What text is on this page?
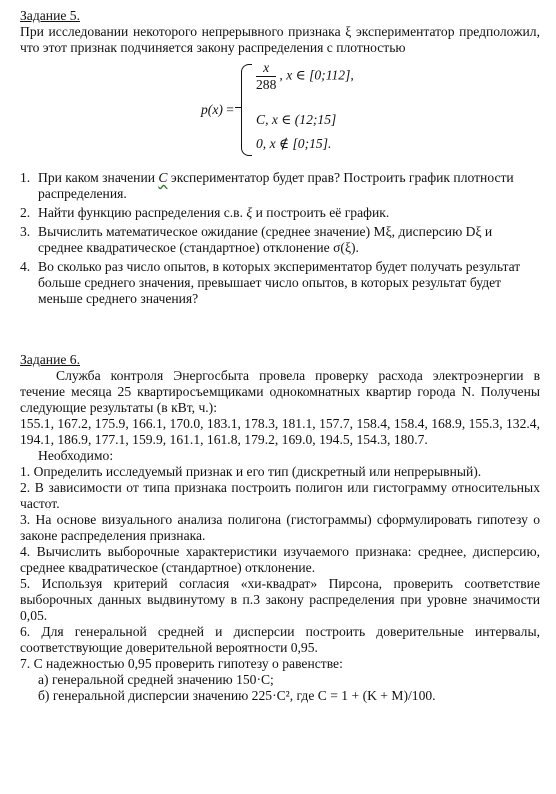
Задание 5.

При исследовании некоторого непрерывного признака ξ экспериментатор предположил, что этот признак подчиняется закону распределения с плотностью

p(x) =
$\frac{x}{288}$ , x ∈ [0;112],
C, x ∈ (12;15]
0, x ∉ [0;15].
1. При каком значении C экспериментатор будет прав? Построить график плотности распределения.
2. Найти функцию распределения с.в. ξ и построить её график.
3. Вычислить математическое ожидание (среднее значение) Mξ, дисперсию Dξ и среднее квадратическое (стандартное) отклонение σ(ξ).
4. Во сколько раз число опытов, в которых экспериментатор будет получать результат больше среднего значения, превышает число опытов, в которых результат будет меньше среднего значения?

Задание 6.

Служба контроля Энергосбыта провела проверку расхода электроэнергии в течение месяца 25 квартиросъемщиками однокомнатных квартир города N. Получены следующие результаты (в кВт, ч.):

155.1, 167.2, 175.9, 166.1, 170.0, 183.1, 178.3, 181.1, 157.7, 158.4, 158.4, 168.9, 155.3, 132.4, 194.1, 186.9, 177.1, 159.9, 161.1, 161.8, 179.2, 169.0, 194.5, 154.3, 180.7.

Необходимо:

1. Определить исследуемый признак и его тип (дискретный или непрерывный).

2. В зависимости от типа признака построить полигон или гистограмму относительных частот.

3. На основе визуального анализа полигона (гистограммы) сформулировать гипотезу о законе распределения признака.

4. Вычислить выборочные характеристики изучаемого признака: среднее, дисперсию, среднее квадратическое (стандартное) отклонение.

5. Используя критерий согласия «хи-квадрат» Пирсона, проверить соответствие выборочных данных выдвинутому в п.3 закону распределения при уровне значимости 0,05.

6. Для генеральной средней и дисперсии построить доверительные интервалы, соответствующие доверительной вероятности 0,95.

7. С надежностью 0,95 проверить гипотезу о равенстве:

а) генеральной средней значению 150·C;

б) генеральной дисперсии значению 225·C², где C = 1 + (K + M)/100.
